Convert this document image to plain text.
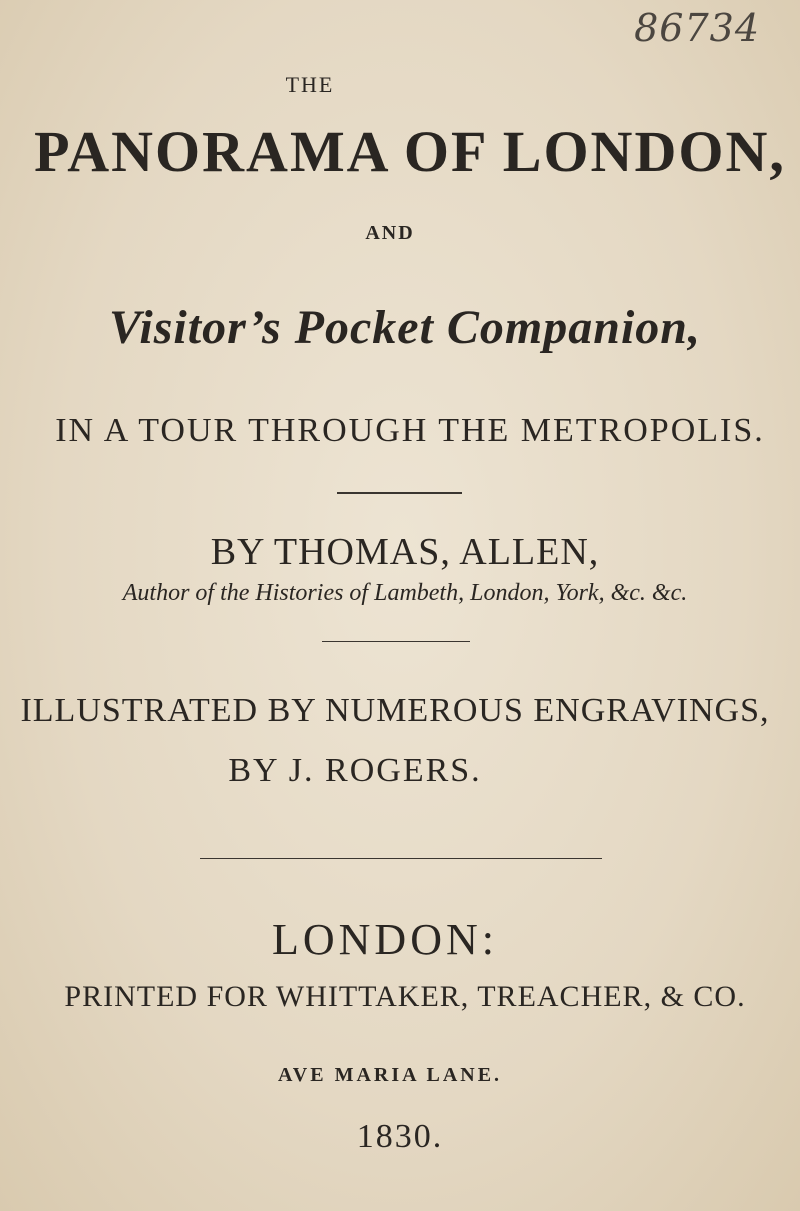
86734
THE
PANORAMA OF LONDON,
AND
Visitor’s Pocket Companion,
IN A TOUR THROUGH THE METROPOLIS.
BY THOMAS, ALLEN,
Author of the Histories of Lambeth, London, York, &c. &c.
ILLUSTRATED BY NUMEROUS ENGRAVINGS,
BY J. ROGERS.
LONDON:
PRINTED FOR WHITTAKER, TREACHER, & CO.
AVE MARIA LANE.
1830.
